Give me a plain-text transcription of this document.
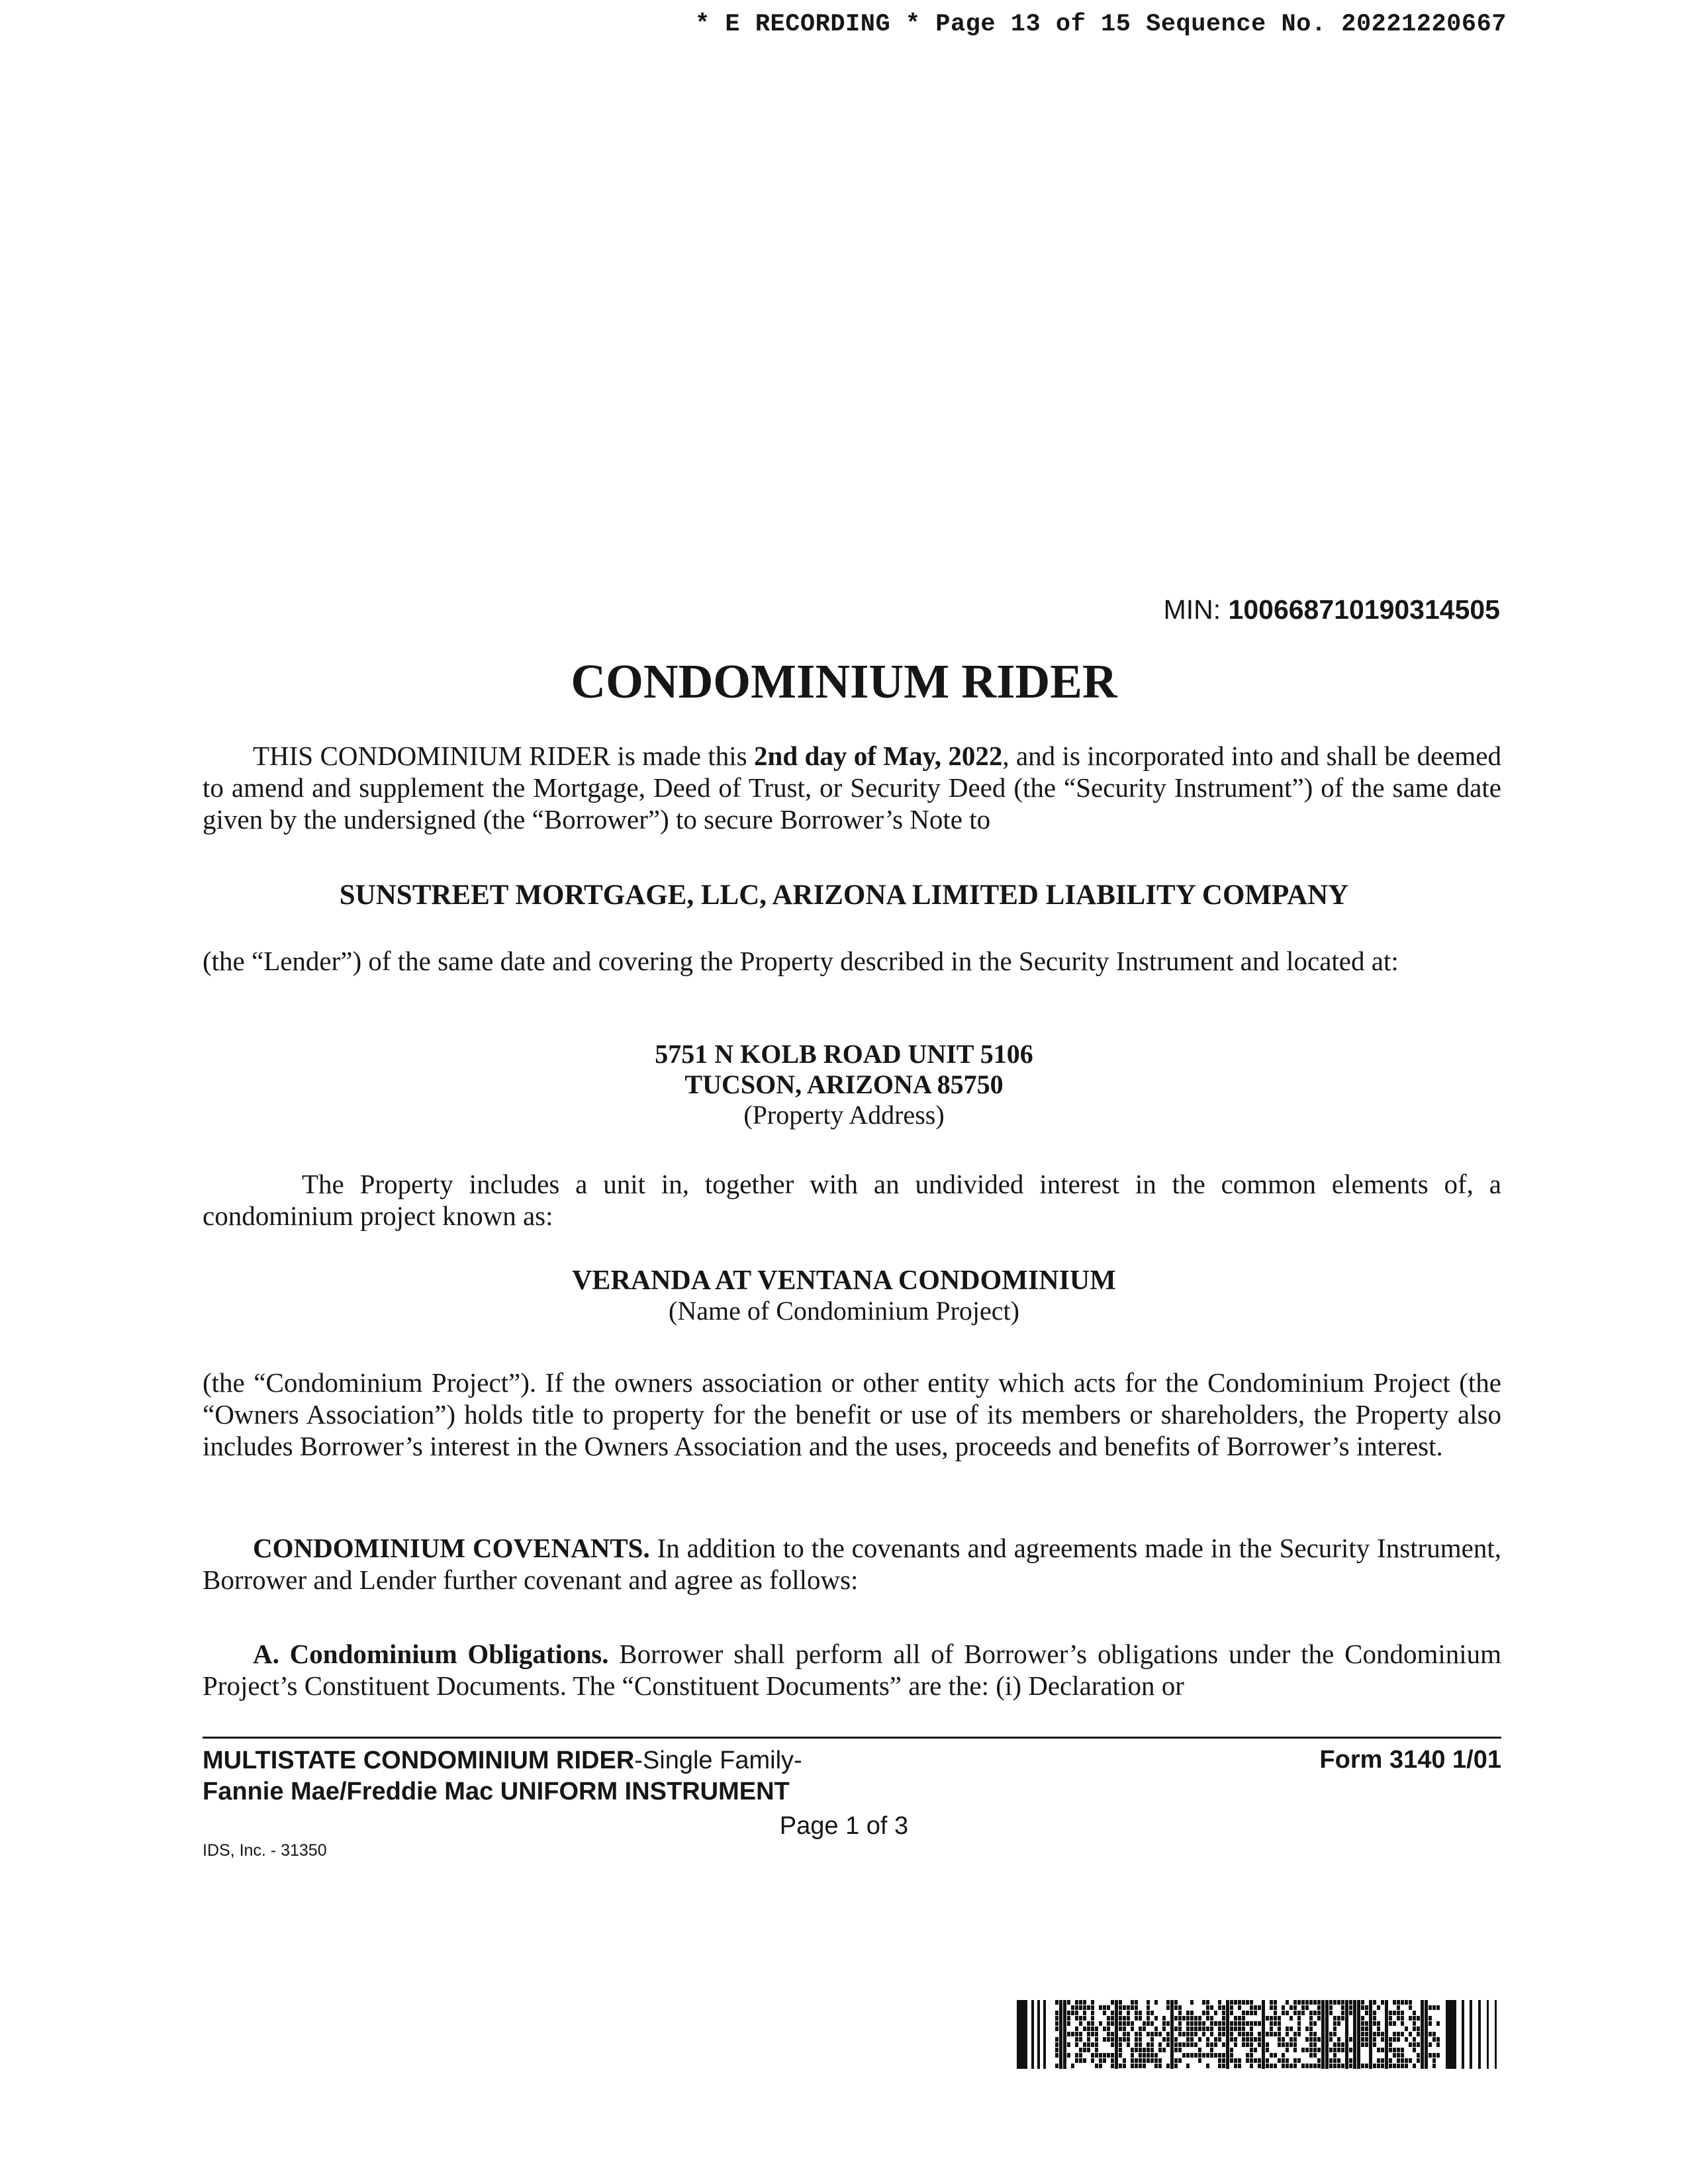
* E RECORDING * Page 13 of 15 Sequence No. 20221220667
MIN: 100668710190314505
CONDOMINIUM RIDER
THIS CONDOMINIUM RIDER is made this 2nd day of May, 2022, and is incorporated into and shall be deemed to amend and supplement the Mortgage, Deed of Trust, or Security Deed (the “Security Instrument”) of the same date given by the undersigned (the “Borrower”) to secure Borrower’s Note to
SUNSTREET MORTGAGE, LLC, ARIZONA LIMITED LIABILITY COMPANY
(the “Lender”) of the same date and covering the Property described in the Security Instrument and located at:
5751 N KOLB ROAD UNIT 5106
TUCSON, ARIZONA 85750
(Property Address)
The Property includes a unit in, together with an undivided interest in the common elements of, a condominium project known as:
VERANDA AT VENTANA CONDOMINIUM
(Name of Condominium Project)
(the “Condominium Project”). If the owners association or other entity which acts for the Condominium Project (the “Owners Association”) holds title to property for the benefit or use of its members or shareholders, the Property also includes Borrower’s interest in the Owners Association and the uses, proceeds and benefits of Borrower’s interest.
CONDOMINIUM COVENANTS. In addition to the covenants and agreements made in the Security Instrument, Borrower and Lender further covenant and agree as follows:
A. Condominium Obligations. Borrower shall perform all of Borrower’s obligations under the Condominium Project’s Constituent Documents. The “Constituent Documents” are the: (i) Declaration or
MULTISTATE CONDOMINIUM RIDER-Single Family-
Fannie Mae/Freddie Mac UNIFORM INSTRUMENT
Form 3140 1/01
Page 1 of 3
IDS, Inc. - 31350
